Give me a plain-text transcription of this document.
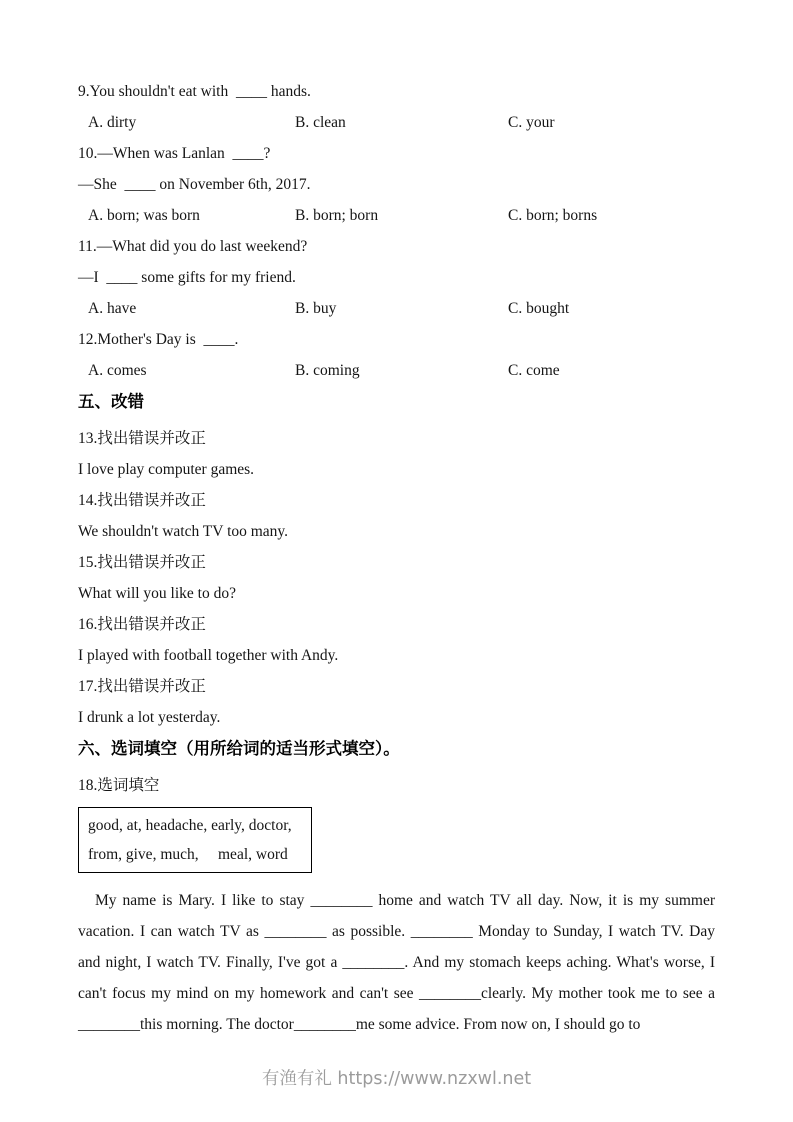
9.You shouldn't eat with  ____ hands.
A. dirty	B. clean	C. your
10.—When was Lanlan  ____?
—She  ____ on November 6th, 2017.
A. born; was born	B. born; born	C. born; borns
11.—What did you do last weekend?
—I  ____ some gifts for my friend.
A. have	B. buy	C. bought
12.Mother's Day is  ____.
A. comes	B. coming	C. come
五、改错
13.找出错误并改正
I love play computer games.
14.找出错误并改正
We shouldn't watch TV too many.
15.找出错误并改正
What will you like to do?
16.找出错误并改正
I played with football together with Andy.
17.找出错误并改正
I drunk a lot yesterday.
六、选词填空（用所给词的适当形式填空）。
18.选词填空
good, at, headache, early, doctor,
from, give, much,     meal, word
My name is Mary. I like to stay ________ home and watch TV all day. Now, it is my summer
vacation. I can watch TV as ________ as possible. ________ Monday to Sunday, I watch TV. Day
and night, I watch TV. Finally, I've got a ________. And my stomach keeps aching. What's worse, I
can't focus my mind on my homework and can't see ________clearly. My mother took me to see a
________this morning. The doctor________me some advice. From now on, I should go to
有渔有礼 https://www.nzxwl.net
